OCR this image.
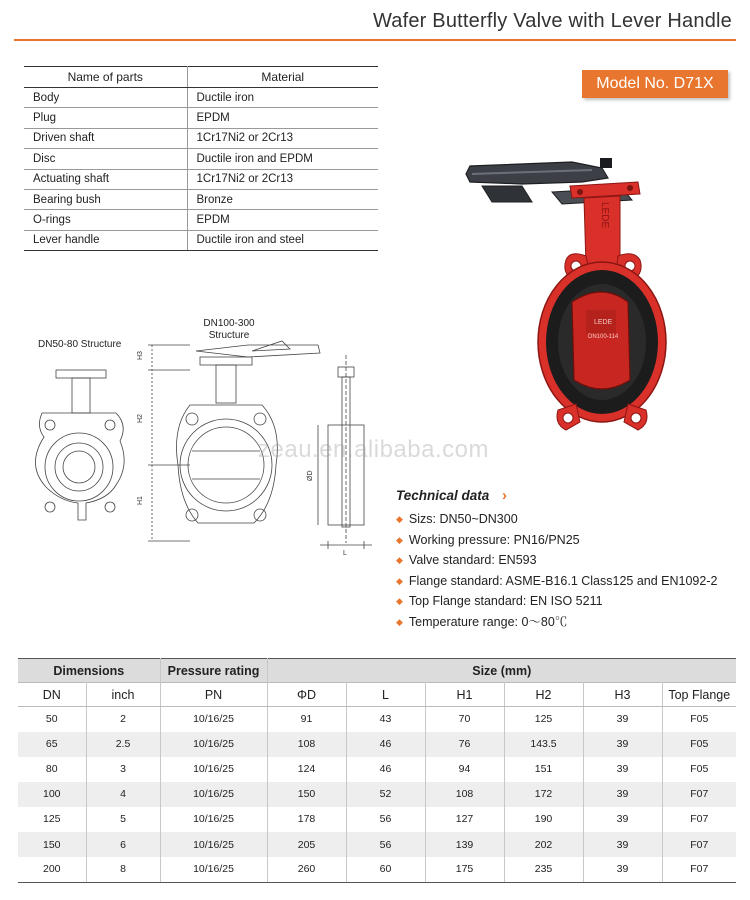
Wafer Butterfly Valve with Lever Handle
Name of parts	Material
Body	Ductile iron
Plug	EPDM
Driven shaft	1Cr17Ni2 or 2Cr13
Disc	Ductile iron and EPDM
Actuating shaft	1Cr17Ni2 or 2Cr13
Bearing bush	Bronze
O-rings	EPDM
Lever handle	Ductile iron and steel
Model No. D71X
LEDE
DN100-114
LEDE
H3
H2
H1
ØD
L
DN50-80 Structure
DN100-300
Structure
zeau.en.alibaba.com
Technical data ›
◆ Sizs: DN50~DN300
◆ Working pressure: PN16/PN25
◆ Valve standard: EN593
◆ Flange standard: ASME-B16.1 Class125 and EN1092-2
◆ Top Flange standard: EN ISO 5211
◆ Temperature range: 0～80℃
Dimensions		Pressure rating	Size (mm)					
DN	inch	PN	ΦD	L	H1	H2	H3	Top Flange
50	2	10/16/25	91	43	70	125	39	F05
65	2.5	10/16/25	108	46	76	143.5	39	F05
80	3	10/16/25	124	46	94	151	39	F05
100	4	10/16/25	150	52	108	172	39	F07
125	5	10/16/25	178	56	127	190	39	F07
150	6	10/16/25	205	56	139	202	39	F07
200	8	10/16/25	260	60	175	235	39	F07
